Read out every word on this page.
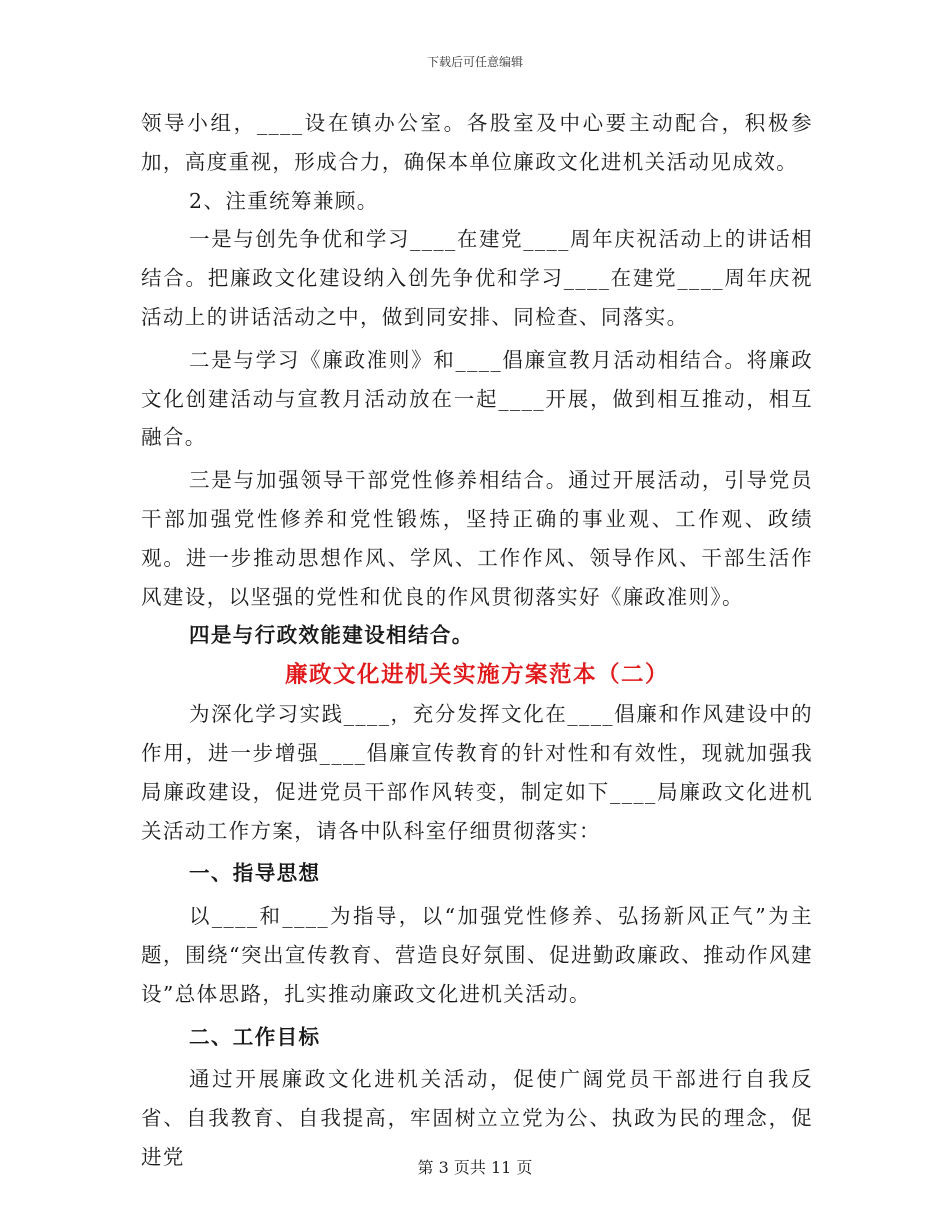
下载后可任意编辑

领导小组，____设在镇办公室。各股室及中心要主动配合，积极参加，高度重视，形成合力，确保本单位廉政文化进机关活动见成效。

2、注重统筹兼顾。

一是与创先争优和学习____在建党____周年庆祝活动上的讲话相结合。把廉政文化建设纳入创先争优和学习____在建党____周年庆祝活动上的讲话活动之中，做到同安排、同检查、同落实。

二是与学习《廉政准则》和____倡廉宣教月活动相结合。将廉政文化创建活动与宣教月活动放在一起____开展，做到相互推动，相互融合。

三是与加强领导干部党性修养相结合。通过开展活动，引导党员干部加强党性修养和党性锻炼，坚持正确的事业观、工作观、政绩观。进一步推动思想作风、学风、工作作风、领导作风、干部生活作风建设，以坚强的党性和优良的作风贯彻落实好《廉政准则》。

四是与行政效能建设相结合。

廉政文化进机关实施方案范本（二）

为深化学习实践____，充分发挥文化在____倡廉和作风建设中的作用，进一步增强____倡廉宣传教育的针对性和有效性，现就加强我局廉政建设，促进党员干部作风转变，制定如下____局廉政文化进机关活动工作方案，请各中队科室仔细贯彻落实：

一、指导思想

以____和____为指导，以“加强党性修养、弘扬新风正气”为主题，围绕“突出宣传教育、营造良好氛围、促进勤政廉政、推动作风建设”总体思路，扎实推动廉政文化进机关活动。

二、工作目标

通过开展廉政文化进机关活动，促使广阔党员干部进行自我反省、自我教育、自我提高，牢固树立立党为公、执政为民的理念，促进党	第 3 页共 11 页
